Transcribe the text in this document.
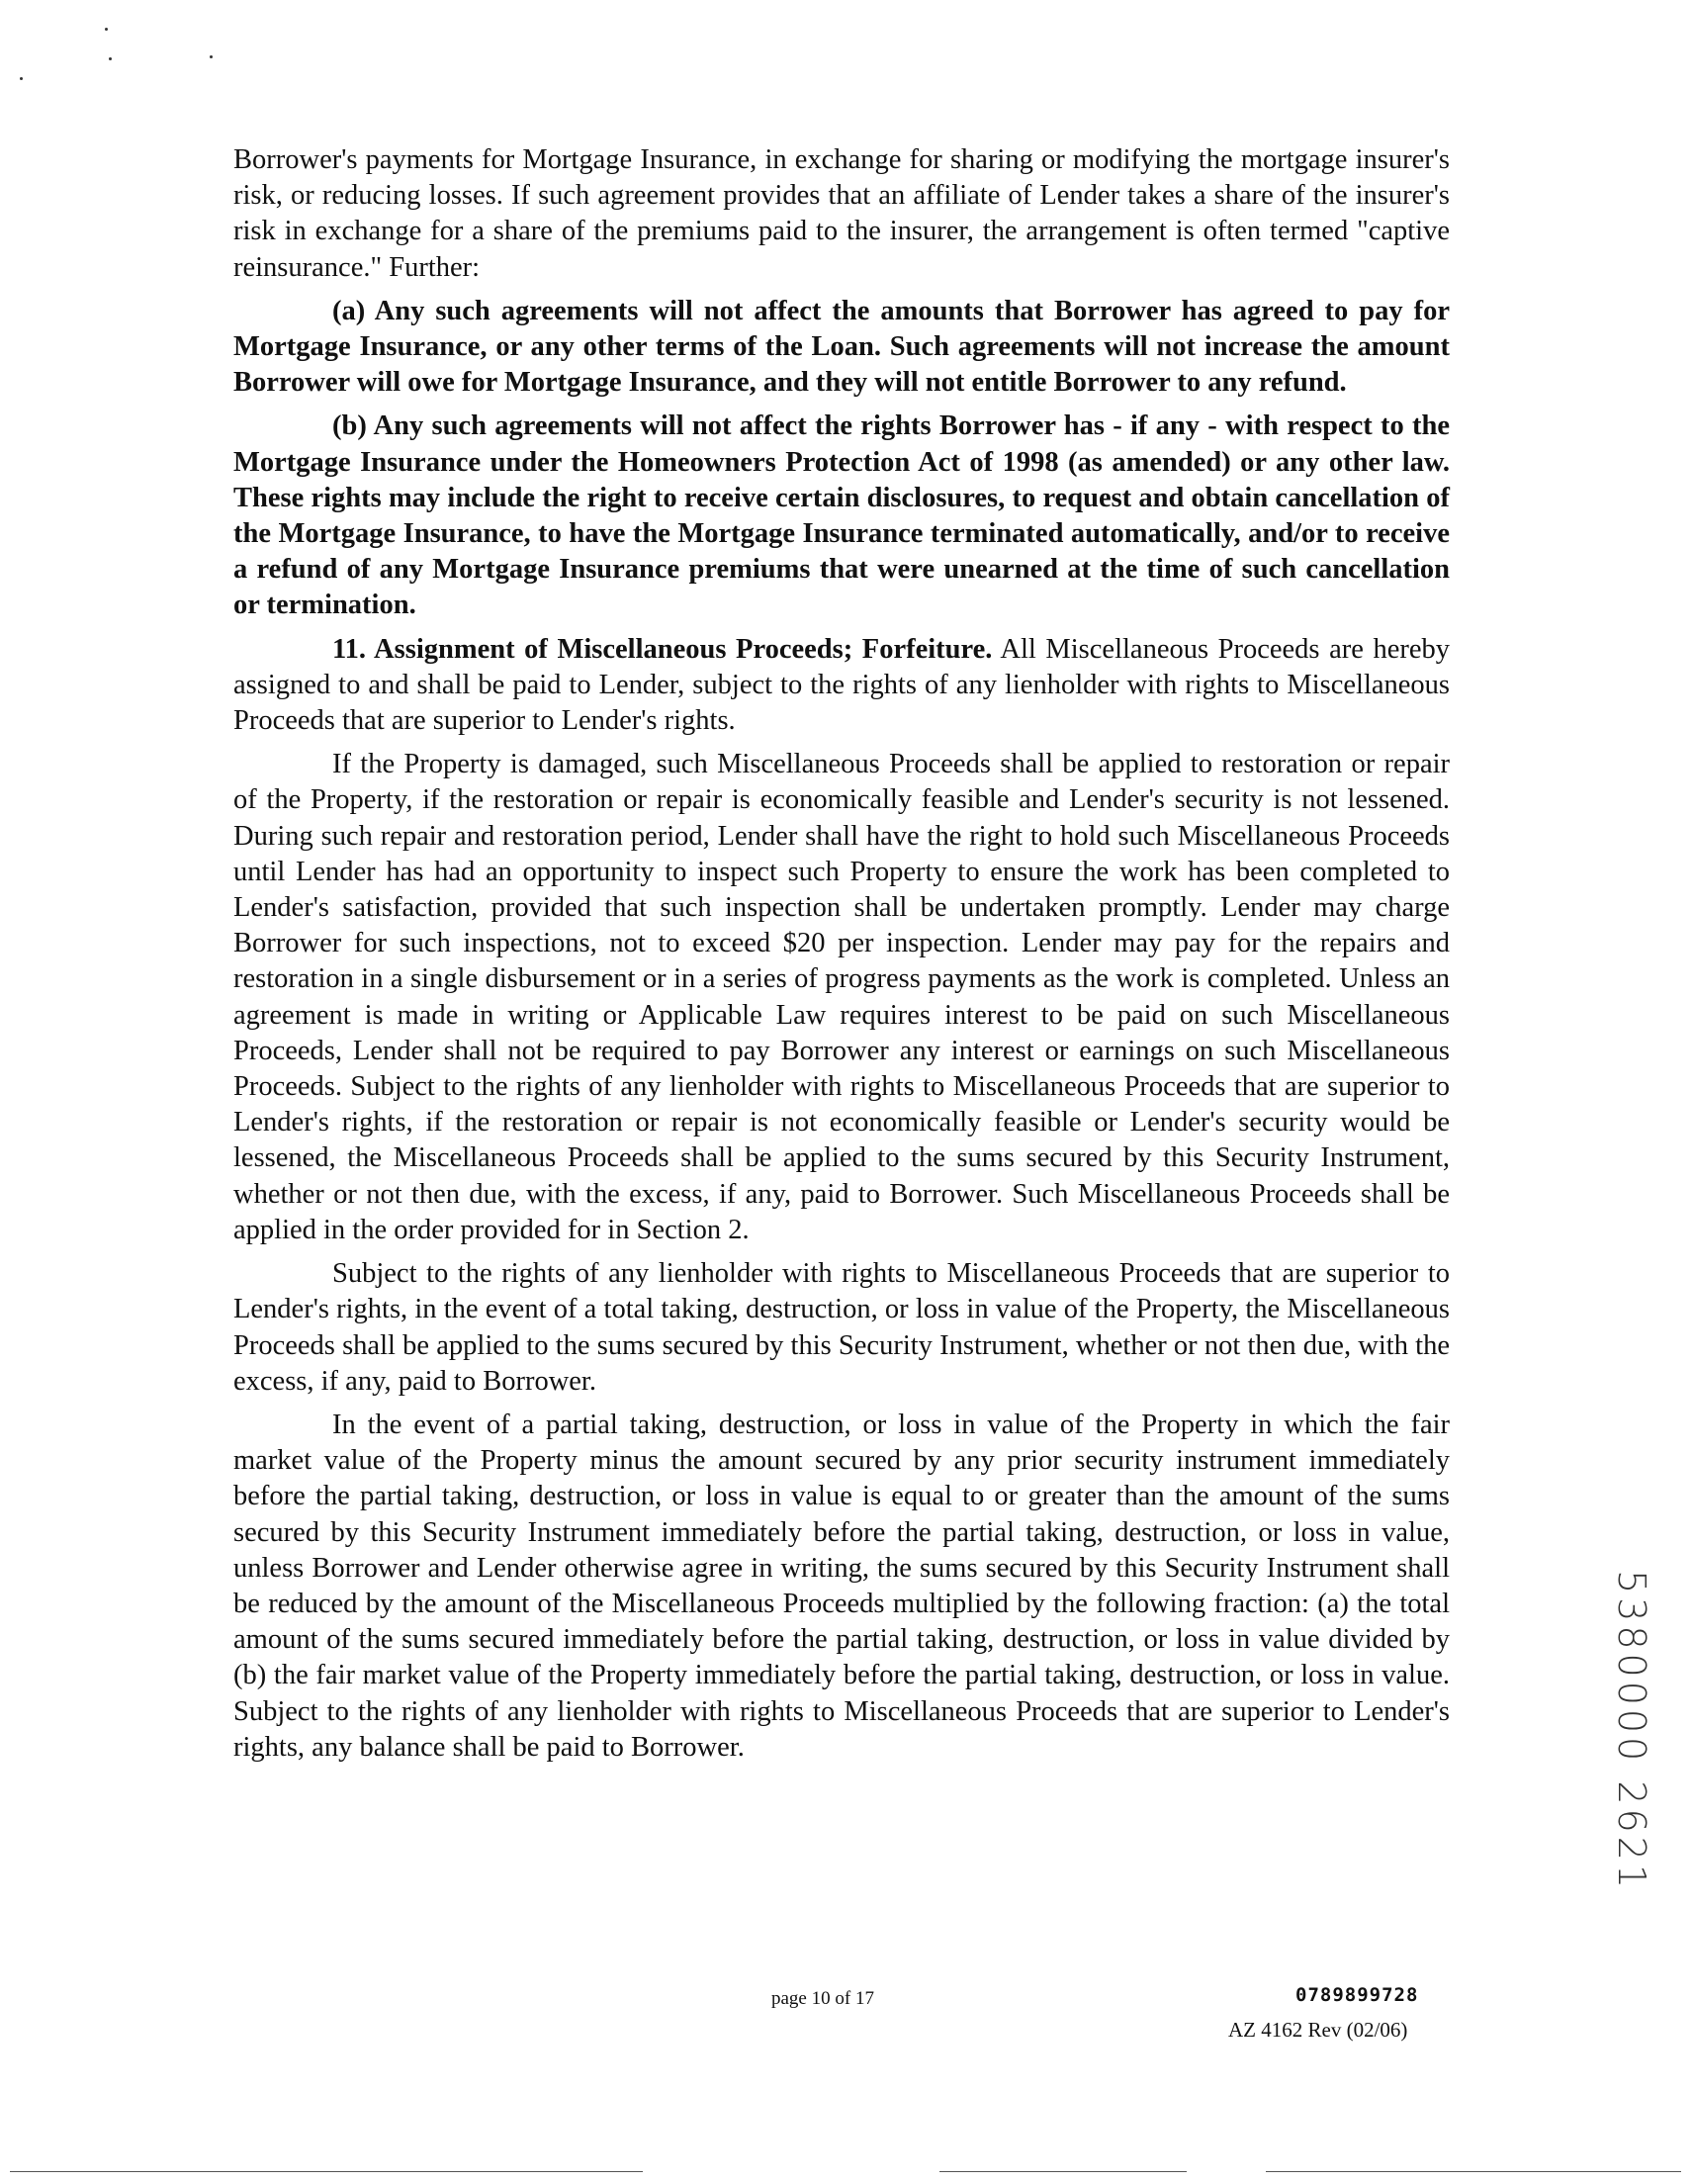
Borrower's payments for Mortgage Insurance, in exchange for sharing or modifying the mortgage insurer's risk, or reducing losses. If such agreement provides that an affiliate of Lender takes a share of the insurer's risk in exchange for a share of the premiums paid to the insurer, the arrangement is often termed "captive reinsurance." Further:

(a) Any such agreements will not affect the amounts that Borrower has agreed to pay for Mortgage Insurance, or any other terms of the Loan. Such agreements will not increase the amount Borrower will owe for Mortgage Insurance, and they will not entitle Borrower to any refund.

(b) Any such agreements will not affect the rights Borrower has - if any - with respect to the Mortgage Insurance under the Homeowners Protection Act of 1998 (as amended) or any other law. These rights may include the right to receive certain disclosures, to request and obtain cancellation of the Mortgage Insurance, to have the Mortgage Insurance terminated automatically, and/or to receive a refund of any Mortgage Insurance premiums that were unearned at the time of such cancellation or termination.

11. Assignment of Miscellaneous Proceeds; Forfeiture. All Miscellaneous Proceeds are hereby assigned to and shall be paid to Lender, subject to the rights of any lienholder with rights to Miscellaneous Proceeds that are superior to Lender's rights.

If the Property is damaged, such Miscellaneous Proceeds shall be applied to restoration or repair of the Property, if the restoration or repair is economically feasible and Lender's security is not lessened. During such repair and restoration period, Lender shall have the right to hold such Miscellaneous Proceeds until Lender has had an opportunity to inspect such Property to ensure the work has been completed to Lender's satisfaction, provided that such inspection shall be undertaken promptly. Lender may charge Borrower for such inspections, not to exceed $20 per inspection. Lender may pay for the repairs and restoration in a single disbursement or in a series of progress payments as the work is completed. Unless an agreement is made in writing or Applicable Law requires interest to be paid on such Miscellaneous Proceeds, Lender shall not be required to pay Borrower any interest or earnings on such Miscellaneous Proceeds. Subject to the rights of any lienholder with rights to Miscellaneous Proceeds that are superior to Lender's rights, if the restoration or repair is not economically feasible or Lender's security would be lessened, the Miscellaneous Proceeds shall be applied to the sums secured by this Security Instrument, whether or not then due, with the excess, if any, paid to Borrower. Such Miscellaneous Proceeds shall be applied in the order provided for in Section 2.

Subject to the rights of any lienholder with rights to Miscellaneous Proceeds that are superior to Lender's rights, in the event of a total taking, destruction, or loss in value of the Property, the Miscellaneous Proceeds shall be applied to the sums secured by this Security Instrument, whether or not then due, with the excess, if any, paid to Borrower.

In the event of a partial taking, destruction, or loss in value of the Property in which the fair market value of the Property minus the amount secured by any prior security instrument immediately before the partial taking, destruction, or loss in value is equal to or greater than the amount of the sums secured by this Security Instrument immediately before the partial taking, destruction, or loss in value, unless Borrower and Lender otherwise agree in writing, the sums secured by this Security Instrument shall be reduced by the amount of the Miscellaneous Proceeds multiplied by the following fraction: (a) the total amount of the sums secured immediately before the partial taking, destruction, or loss in value divided by (b) the fair market value of the Property immediately before the partial taking, destruction, or loss in value. Subject to the rights of any lienholder with rights to Miscellaneous Proceeds that are superior to Lender's rights, any balance shall be paid to Borrower.	5380000 2621
page 10 of 17	0789899728
AZ 4162 Rev (02/06)
